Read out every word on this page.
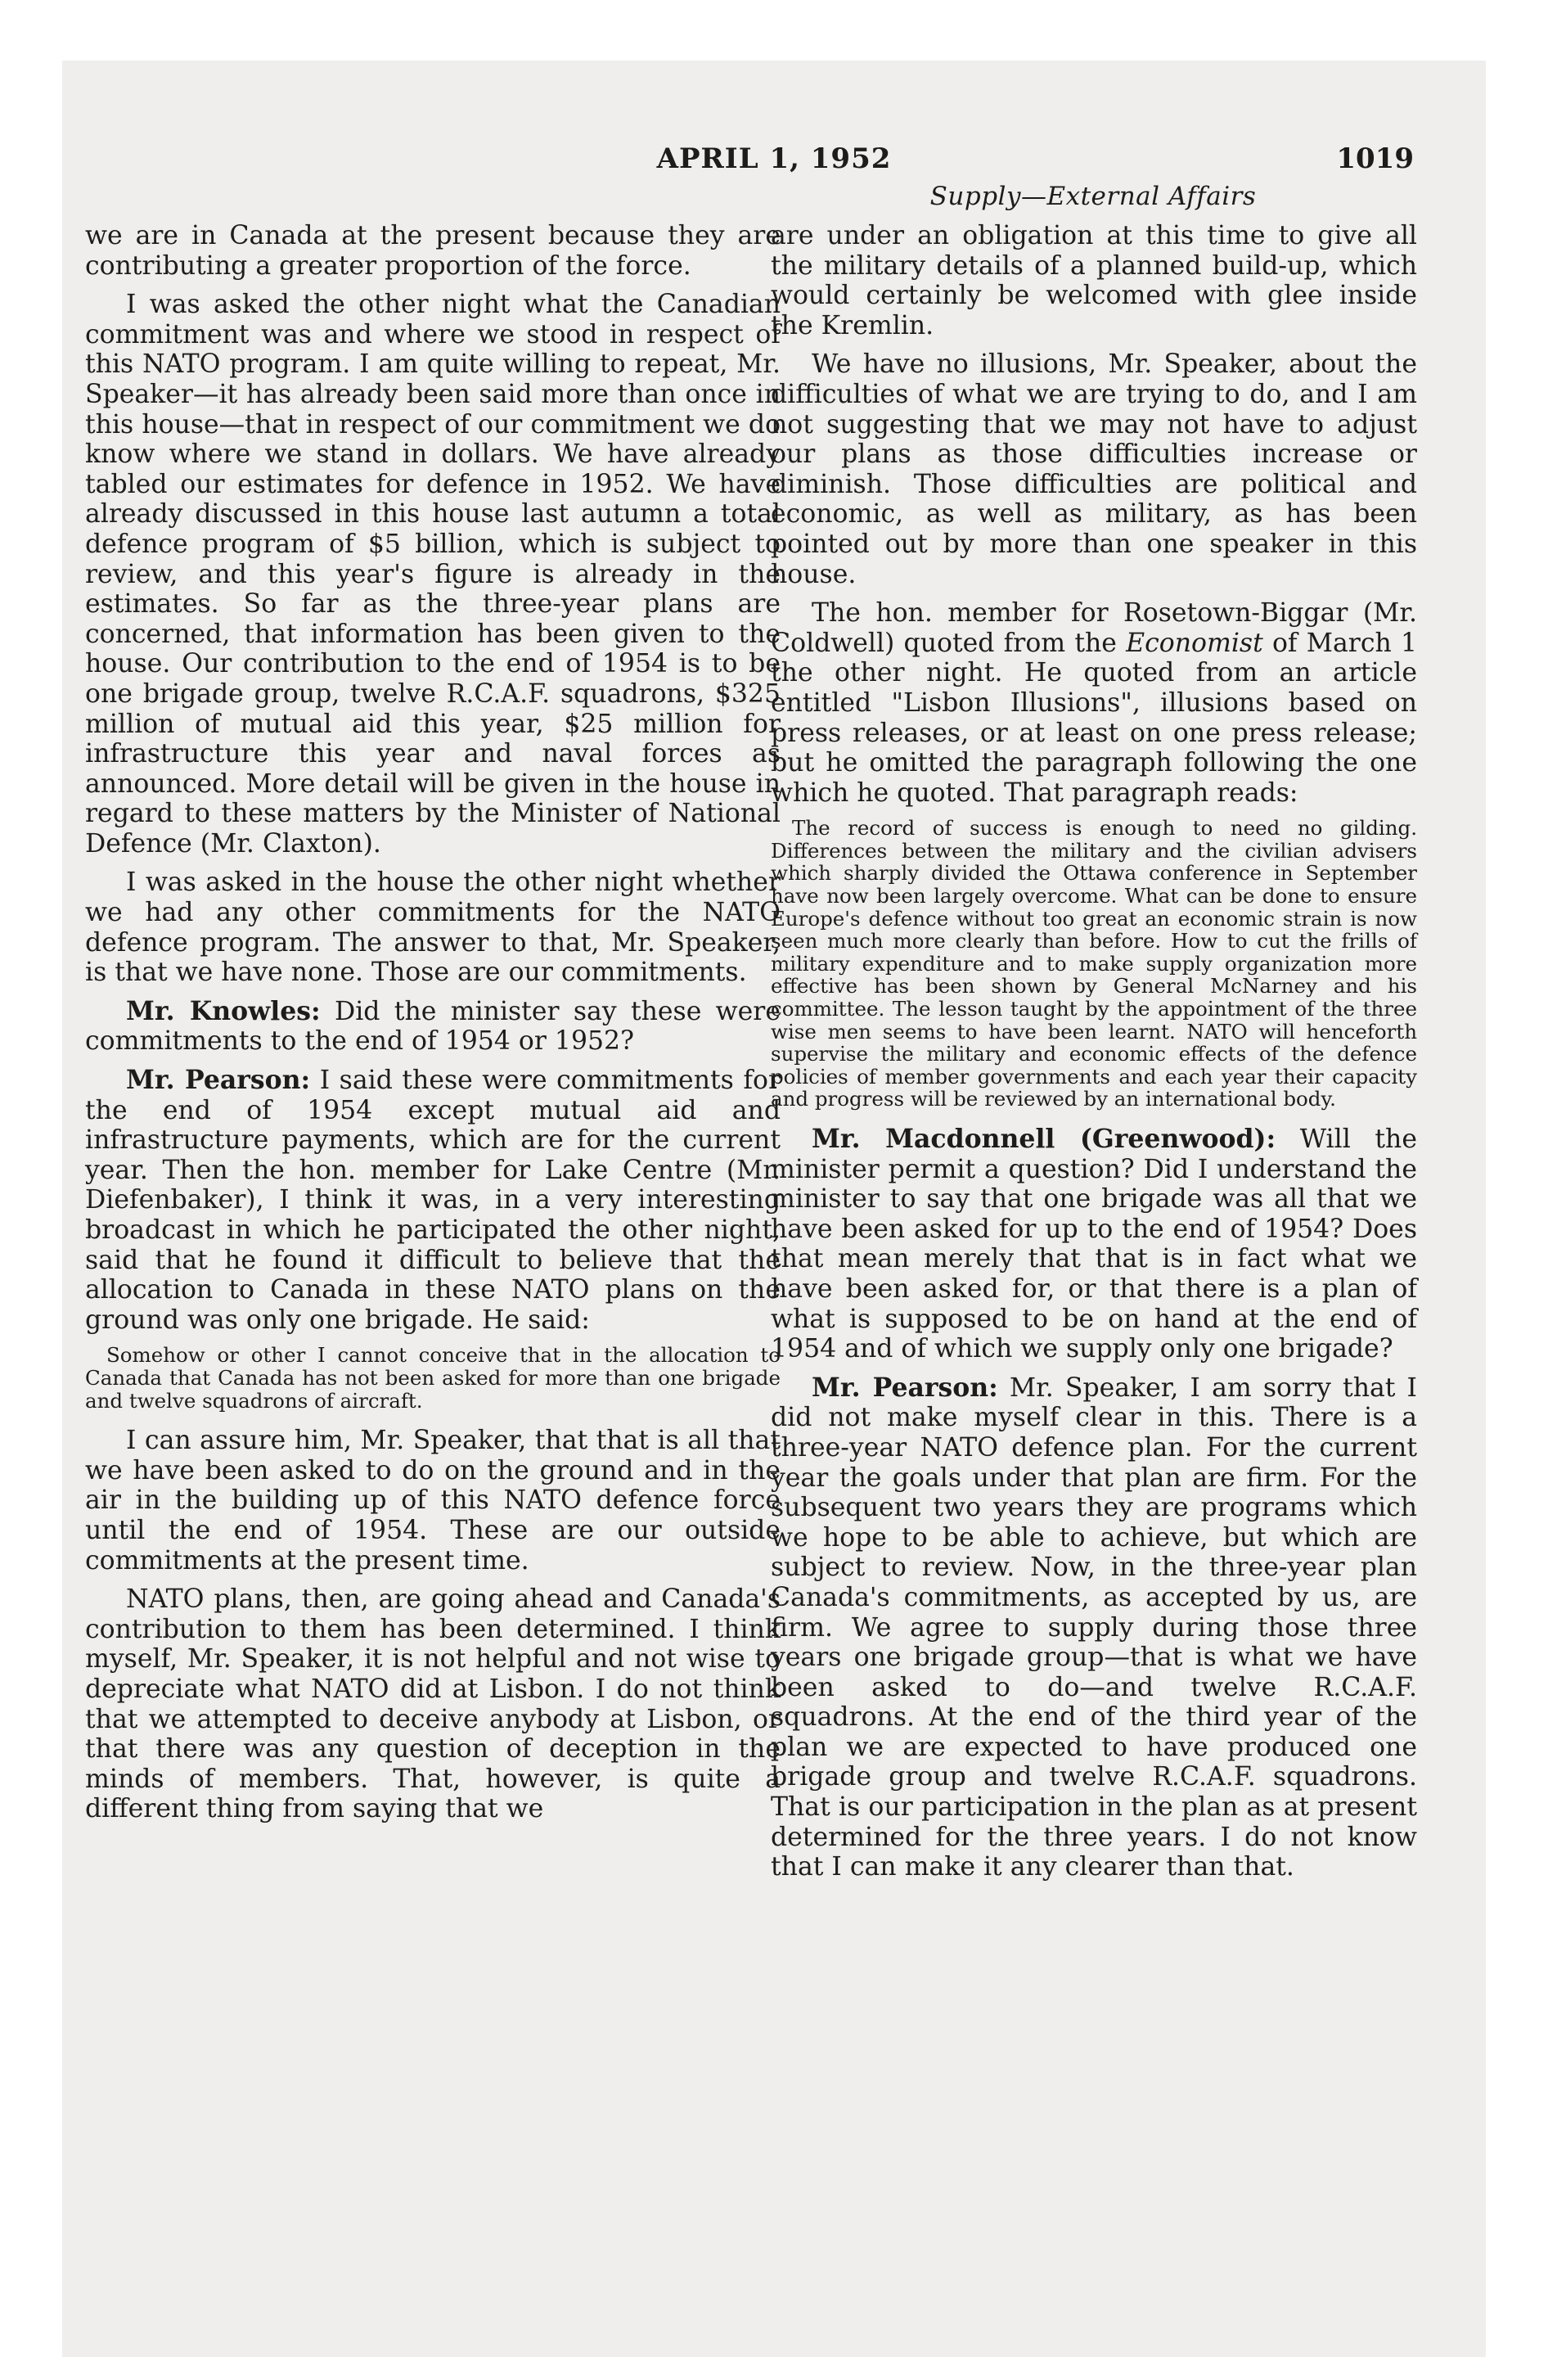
APRIL 1, 1952	1019
Supply—External Affairs

we are in Canada at the present because they are contributing a greater proportion of the force.

I was asked the other night what the Canadian commitment was and where we stood in respect of this NATO program. I am quite willing to repeat, Mr. Speaker—it has already been said more than once in this house—that in respect of our commitment we do know where we stand in dollars. We have already tabled our estimates for defence in 1952. We have already discussed in this house last autumn a total defence program of $5 billion, which is subject to review, and this year's figure is already in the estimates. So far as the three-year plans are concerned, that information has been given to the house. Our contribution to the end of 1954 is to be one brigade group, twelve R.C.A.F. squadrons, $325 million of mutual aid this year, $25 million for infrastructure this year and naval forces as announced. More detail will be given in the house in regard to these matters by the Minister of National Defence (Mr. Claxton).

I was asked in the house the other night whether we had any other commitments for the NATO defence program. The answer to that, Mr. Speaker, is that we have none. Those are our commitments.

Mr. Knowles: Did the minister say these were commitments to the end of 1954 or 1952?

Mr. Pearson: I said these were commitments for the end of 1954 except mutual aid and infrastructure payments, which are for the current year. Then the hon. member for Lake Centre (Mr. Diefenbaker), I think it was, in a very interesting broadcast in which he participated the other night, said that he found it difficult to believe that the allocation to Canada in these NATO plans on the ground was only one brigade. He said:

Somehow or other I cannot conceive that in the allocation to Canada that Canada has not been asked for more than one brigade and twelve squadrons of aircraft.

I can assure him, Mr. Speaker, that that is all that we have been asked to do on the ground and in the air in the building up of this NATO defence force until the end of 1954. These are our outside commitments at the present time.

NATO plans, then, are going ahead and Canada's contribution to them has been determined. I think myself, Mr. Speaker, it is not helpful and not wise to depreciate what NATO did at Lisbon. I do not think that we attempted to deceive anybody at Lisbon, or that there was any question of deception in the minds of members. That, however, is quite a different thing from saying that we

are under an obligation at this time to give all the military details of a planned build-up, which would certainly be welcomed with glee inside the Kremlin.

We have no illusions, Mr. Speaker, about the difficulties of what we are trying to do, and I am not suggesting that we may not have to adjust our plans as those difficulties increase or diminish. Those difficulties are political and economic, as well as military, as has been pointed out by more than one speaker in this house.

The hon. member for Rosetown-Biggar (Mr. Coldwell) quoted from the Economist of March 1 the other night. He quoted from an article entitled "Lisbon Illusions", illusions based on press releases, or at least on one press release; but he omitted the paragraph following the one which he quoted. That paragraph reads:

The record of success is enough to need no gilding. Differences between the military and the civilian advisers which sharply divided the Ottawa conference in September have now been largely overcome. What can be done to ensure Europe's defence without too great an economic strain is now seen much more clearly than before. How to cut the frills of military expenditure and to make supply organization more effective has been shown by General McNarney and his committee. The lesson taught by the appointment of the three wise men seems to have been learnt. NATO will henceforth supervise the military and economic effects of the defence policies of member governments and each year their capacity and progress will be reviewed by an international body.

Mr. Macdonnell (Greenwood): Will the minister permit a question? Did I understand the minister to say that one brigade was all that we have been asked for up to the end of 1954? Does that mean merely that that is in fact what we have been asked for, or that there is a plan of what is supposed to be on hand at the end of 1954 and of which we supply only one brigade?

Mr. Pearson: Mr. Speaker, I am sorry that I did not make myself clear in this. There is a three-year NATO defence plan. For the current year the goals under that plan are firm. For the subsequent two years they are programs which we hope to be able to achieve, but which are subject to review. Now, in the three-year plan Canada's commitments, as accepted by us, are firm. We agree to supply during those three years one brigade group—that is what we have been asked to do—and twelve R.C.A.F. squadrons. At the end of the third year of the plan we are expected to have produced one brigade group and twelve R.C.A.F. squadrons. That is our participation in the plan as at present determined for the three years. I do not know that I can make it any clearer than that.
